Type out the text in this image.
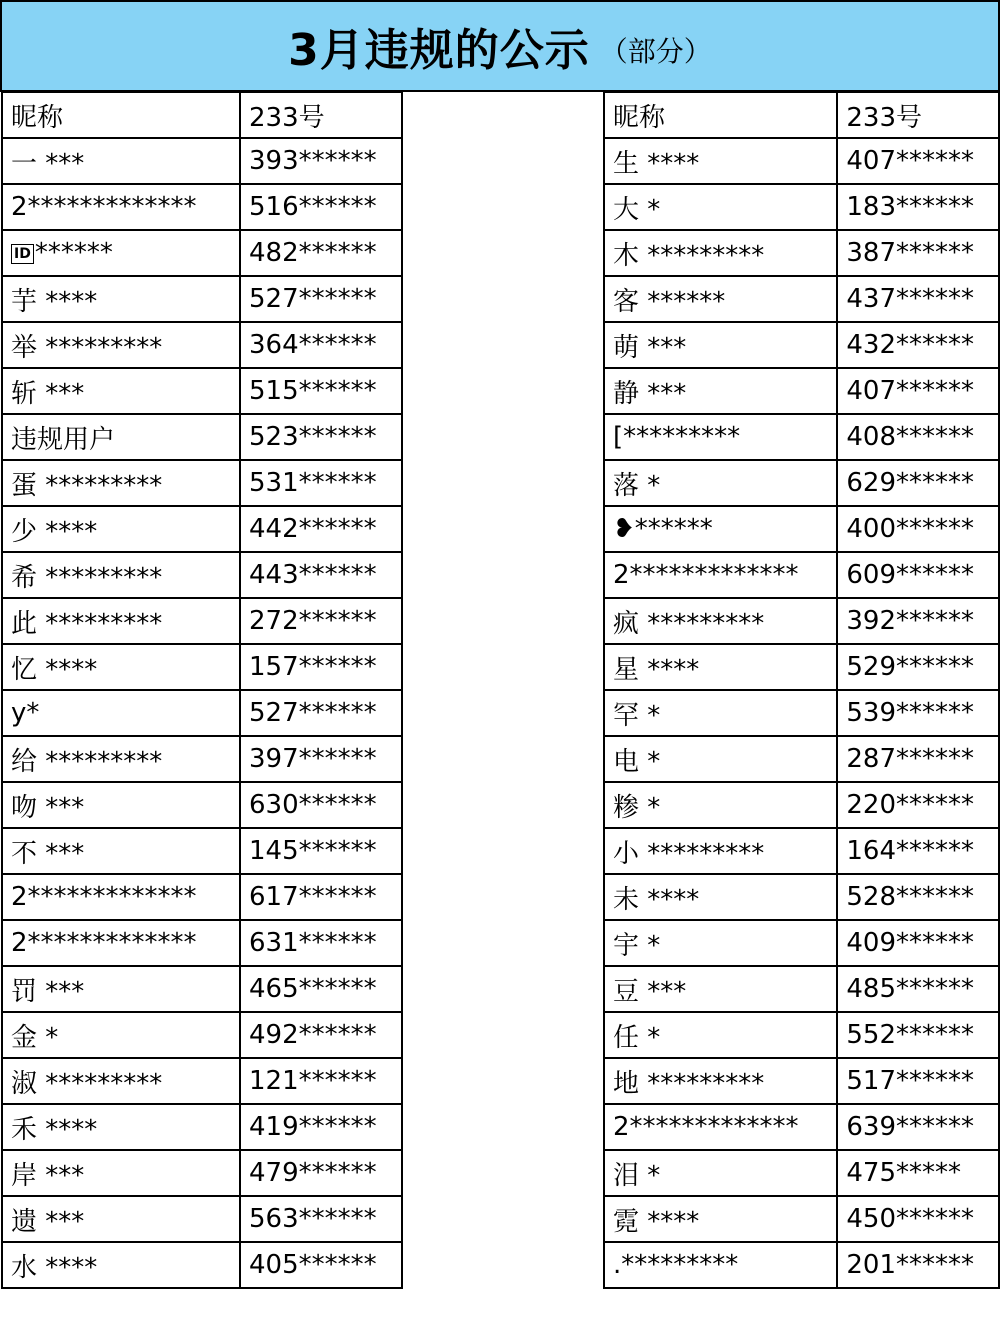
3月违规的公示 （部分）
昵称	233号
一 ***	393******
2*************	516******
ID ******	482******
芋 ****	527******
举 *********	364******
斩 ***	515******
违规用户	523******
蛋 *********	531******
少 ****	442******
希 *********	443******
此 *********	272******
忆 ****	157******
y*	527******
给 *********	397******
吻 ***	630******
不 ***	145******
2*************	617******
2*************	631******
罚 ***	465******
金 *	492******
淑 *********	121******
禾 ****	419******
岸 ***	479******
遗 ***	563******
水 ****	405******
昵称	233号
生 ****	407******
大 *	183******
木 *********	387******
客 ******	437******
萌 ***	432******
静 ***	407******
[*********	408******
落 *	629******
❥******	400******
2*************	609******
疯 *********	392******
星 ****	529******
罕 *	539******
电 *	287******
糁 *	220******
小 *********	164******
未 ****	528******
宇 *	409******
豆 ***	485******
任 *	552******
地 *********	517******
2*************	639******
泪 *	475*****
霓 ****	450******
.*********	201******
